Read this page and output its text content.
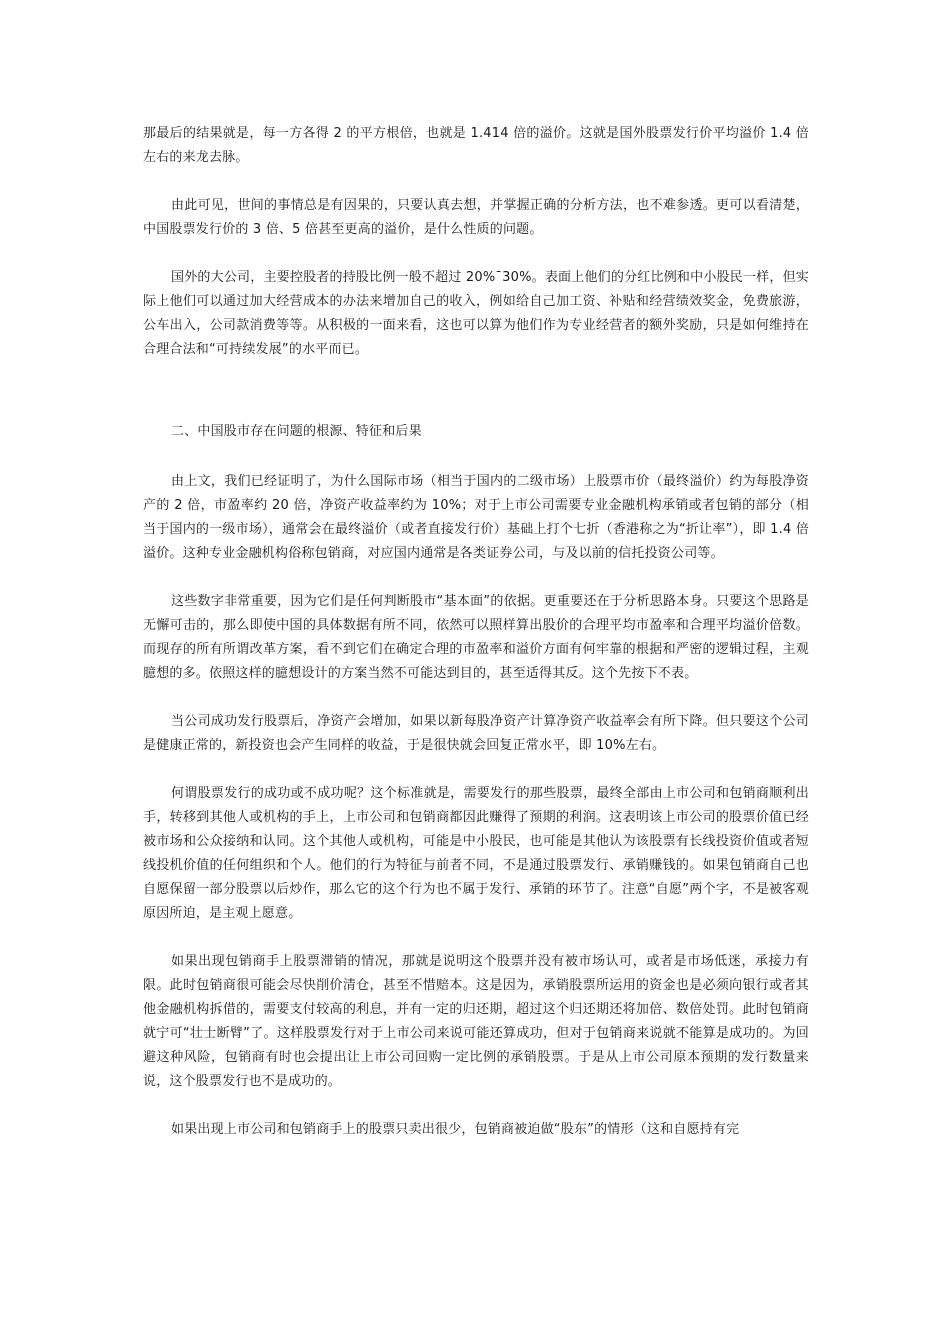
那最后的结果就是，每一方各得 2 的平方根倍，也就是 1.414 倍的溢价。这就是国外股票发行价平均溢价 1.4 倍左右的来龙去脉。

由此可见，世间的事情总是有因果的，只要认真去想，并掌握正确的分析方法，也不难参透。更可以看清楚，中国股票发行价的 3 倍、5 倍甚至更高的溢价，是什么性质的问题。

国外的大公司，主要控股者的持股比例一般不超过 20%¯30%。表面上他们的分红比例和中小股民一样，但实际上他们可以通过加大经营成本的办法来增加自己的收入，例如给自己加工资、补贴和经营绩效奖金，免费旅游，公车出入，公司款消费等等。从积极的一面来看，这也可以算为他们作为专业经营者的额外奖励，只是如何维持在合理合法和“可持续发展”的水平而已。

二、中国股市存在问题的根源、特征和后果

由上文，我们已经证明了，为什么国际市场（相当于国内的二级市场）上股票市价（最终溢价）约为每股净资产的 2 倍，市盈率约 20 倍，净资产收益率约为 10%；对于上市公司需要专业金融机构承销或者包销的部分（相当于国内的一级市场），通常会在最终溢价（或者直接发行价）基础上打个七折（香港称之为“折让率”），即 1.4 倍溢价。这种专业金融机构俗称包销商，对应国内通常是各类证券公司，与及以前的信托投资公司等。

这些数字非常重要，因为它们是任何判断股市“基本面”的依据。更重要还在于分析思路本身。只要这个思路是无懈可击的，那么即使中国的具体数据有所不同，依然可以照样算出股价的合理平均市盈率和合理平均溢价倍数。而现存的所有所谓改革方案，看不到它们在确定合理的市盈率和溢价方面有何牢靠的根据和严密的逻辑过程，主观臆想的多。依照这样的臆想设计的方案当然不可能达到目的，甚至适得其反。这个先按下不表。

当公司成功发行股票后，净资产会增加，如果以新每股净资产计算净资产收益率会有所下降。但只要这个公司是健康正常的，新投资也会产生同样的收益，于是很快就会回复正常水平，即 10%左右。

何谓股票发行的成功或不成功呢？这个标准就是，需要发行的那些股票，最终全部由上市公司和包销商顺利出手，转移到其他人或机构的手上，上市公司和包销商都因此赚得了预期的利润。这表明该上市公司的股票价值已经被市场和公众接纳和认同。这个其他人或机构，可能是中小股民，也可能是其他认为该股票有长线投资价值或者短线投机价值的任何组织和个人。他们的行为特征与前者不同，不是通过股票发行、承销赚钱的。如果包销商自己也自愿保留一部分股票以后炒作，那么它的这个行为也不属于发行、承销的环节了。注意“自愿”两个字，不是被客观原因所迫，是主观上愿意。

如果出现包销商手上股票滞销的情况，那就是说明这个股票并没有被市场认可，或者是市场低迷，承接力有限。此时包销商很可能会尽快削价清仓，甚至不惜赔本。这是因为，承销股票所运用的资金也是必须向银行或者其他金融机构拆借的，需要支付较高的利息，并有一定的归还期，超过这个归还期还将加倍、数倍处罚。此时包销商就宁可“壮士断臂”了。这样股票发行对于上市公司来说可能还算成功，但对于包销商来说就不能算是成功的。为回避这种风险，包销商有时也会提出让上市公司回购一定比例的承销股票。于是从上市公司原本预期的发行数量来说，这个股票发行也不是成功的。

如果出现上市公司和包销商手上的股票只卖出很少，包销商被迫做“股东”的情形（这和自愿持有完
